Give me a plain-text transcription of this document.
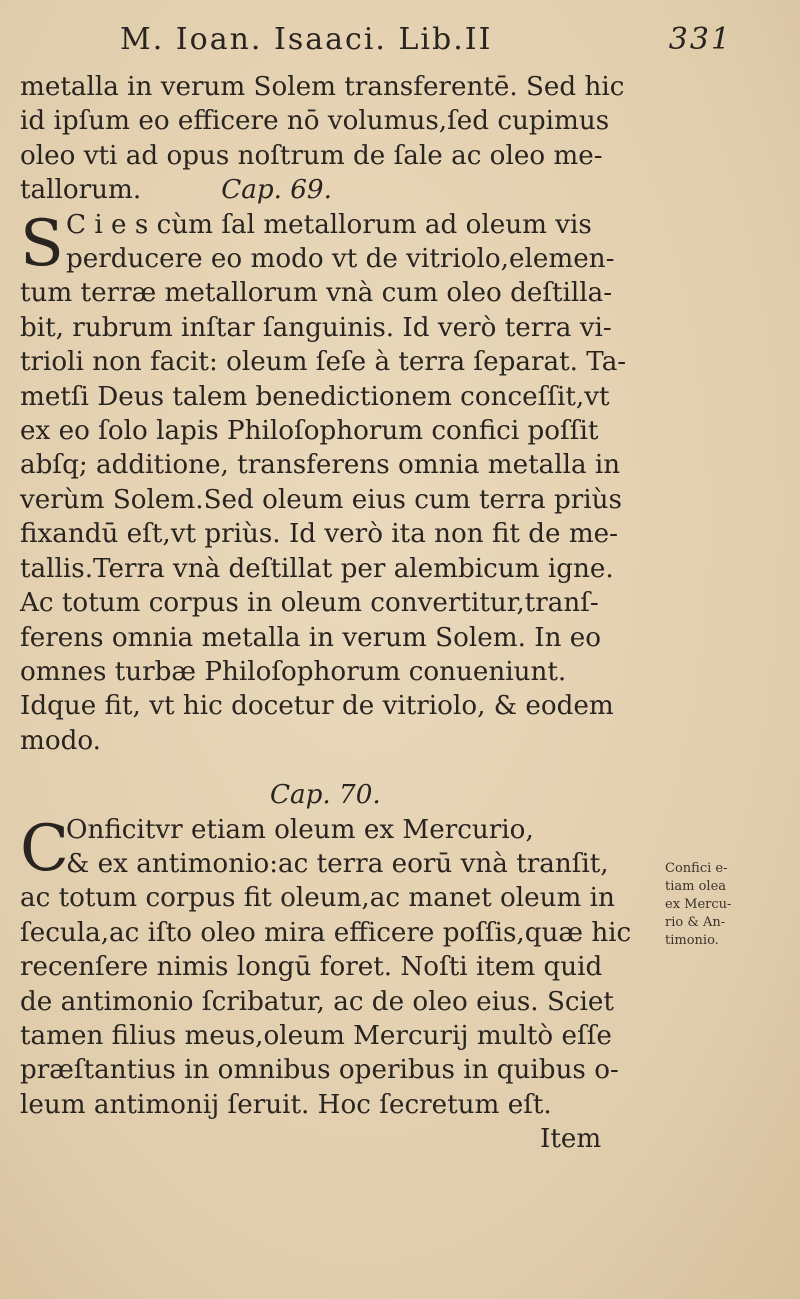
M. Ioan. Isaaci. Lib.II	331
metalla in verum Solem transferentē. Sed hic
id ipſum eo efficere nō volumus,ſed cupimus
oleo vti ad opus noſtrum de ſale ac oleo me-
tallorum.	Cap. 69.
S C i e s cùm ſal metallorum ad oleum vis
perducere eo modo vt de vitriolo,elemen-
tum terræ metallorum vnà cum oleo deſtilla-
bit, rubrum inſtar ſanguinis. Id verò terra vi-
trioli non facit: oleum ſeſe à terra ſeparat. Ta-
metſi Deus talem benedictionem conceſſit,vt
ex eo ſolo lapis Philoſophorum confici poſſit
abſq; additione, transferens omnia metalla in
verùm Solem.Sed oleum eius cum terra priùs
fixandū eſt,vt priùs. Id verò ita non fit de me-
tallis.Terra vnà deſtillat per alembicum igne.
Ac totum corpus in oleum convertitur,tranſ-
ferens omnia metalla in verum Solem. In eo
omnes turbæ Philoſophorum conueniunt.
Idque fit, vt hic docetur de vitriolo, & eodem
modo.
Cap. 70.
C
Onficitvr etiam oleum ex Mercurio,
& ex antimonio:ac terra eorū vnà tranſit,
ac totum corpus fit oleum,ac manet oleum in
ſecula,ac iſto oleo mira efficere poſſis,quæ hic
recenſere nimis longū foret. Noſti item quid
de antimonio ſcribatur, ac de oleo eius. Sciet
tamen filius meus,oleum Mercurij multò eſſe
præſtantius in omnibus operibus in quibus o-
leum antimonij ſeruit. Hoc ſecretum eſt.
Item
Confici e-
tiam olea
ex Mercu-
rio & An-
timonio.
